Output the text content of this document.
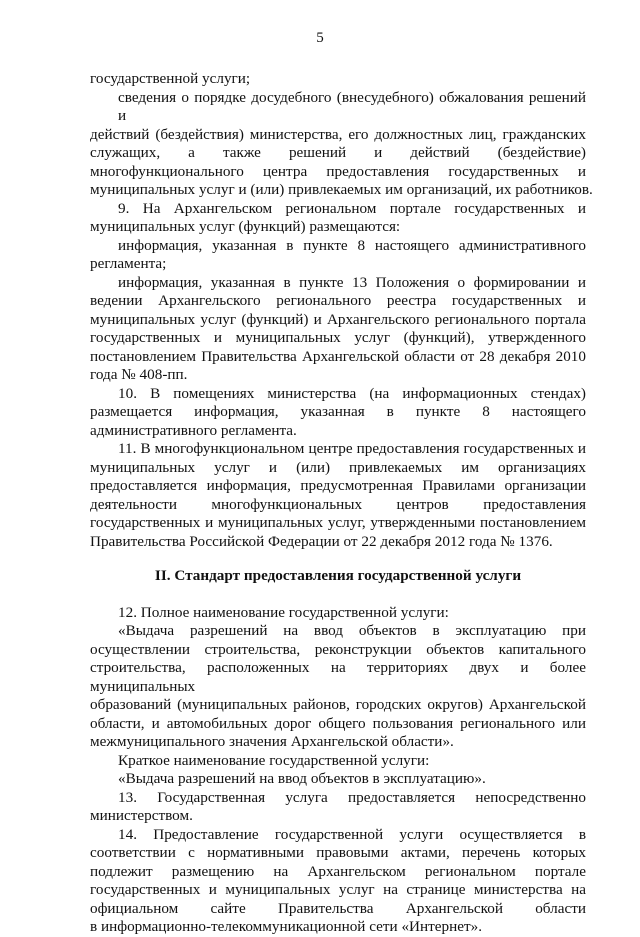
5
государственной услуги;
сведения о порядке досудебного (внесудебного) обжалования решений и
действий (бездействия) министерства, его должностных лиц, гражданских
служащих, а также решений и действий (бездействие)
многофункционального центра предоставления государственных и
муниципальных услуг и (или) привлекаемых им организаций, их работников.
9. На Архангельском региональном портале государственных и
муниципальных услуг (функций) размещаются:
информация, указанная в пункте 8 настоящего административного
регламента;
информация, указанная в пункте 13 Положения о формировании и
ведении Архангельского регионального реестра государственных и
муниципальных услуг (функций) и Архангельского регионального портала
государственных и муниципальных услуг (функций), утвержденного
постановлением Правительства Архангельской области от 28 декабря 2010
года № 408-пп.
10. В помещениях министерства (на информационных стендах)
размещается информация, указанная в пункте 8 настоящего
административного регламента.
11. В многофункциональном центре предоставления государственных и
муниципальных услуг и (или) привлекаемых им организациях
предоставляется информация, предусмотренная Правилами организации
деятельности многофункциональных центров предоставления
государственных и муниципальных услуг, утвержденными постановлением
Правительства Российской Федерации от 22 декабря 2012 года № 1376.
II. Стандарт предоставления государственной услуги
12. Полное наименование государственной услуги:
«Выдача разрешений на ввод объектов в эксплуатацию при
осуществлении строительства, реконструкции объектов капитального
строительства, расположенных на территориях двух и более муниципальных
образований (муниципальных районов, городских округов) Архангельской
области, и автомобильных дорог общего пользования регионального или
межмуниципального значения Архангельской области».
Краткое наименование государственной услуги:
«Выдача разрешений на ввод объектов в эксплуатацию».
13. Государственная услуга предоставляется непосредственно
министерством.
14. Предоставление государственной услуги осуществляется в
соответствии с нормативными правовыми актами, перечень которых
подлежит размещению на Архангельском региональном портале
государственных и муниципальных услуг на странице министерства на
официальном сайте Правительства Архангельской области
в информационно-телекоммуникационной сети «Интернет».
